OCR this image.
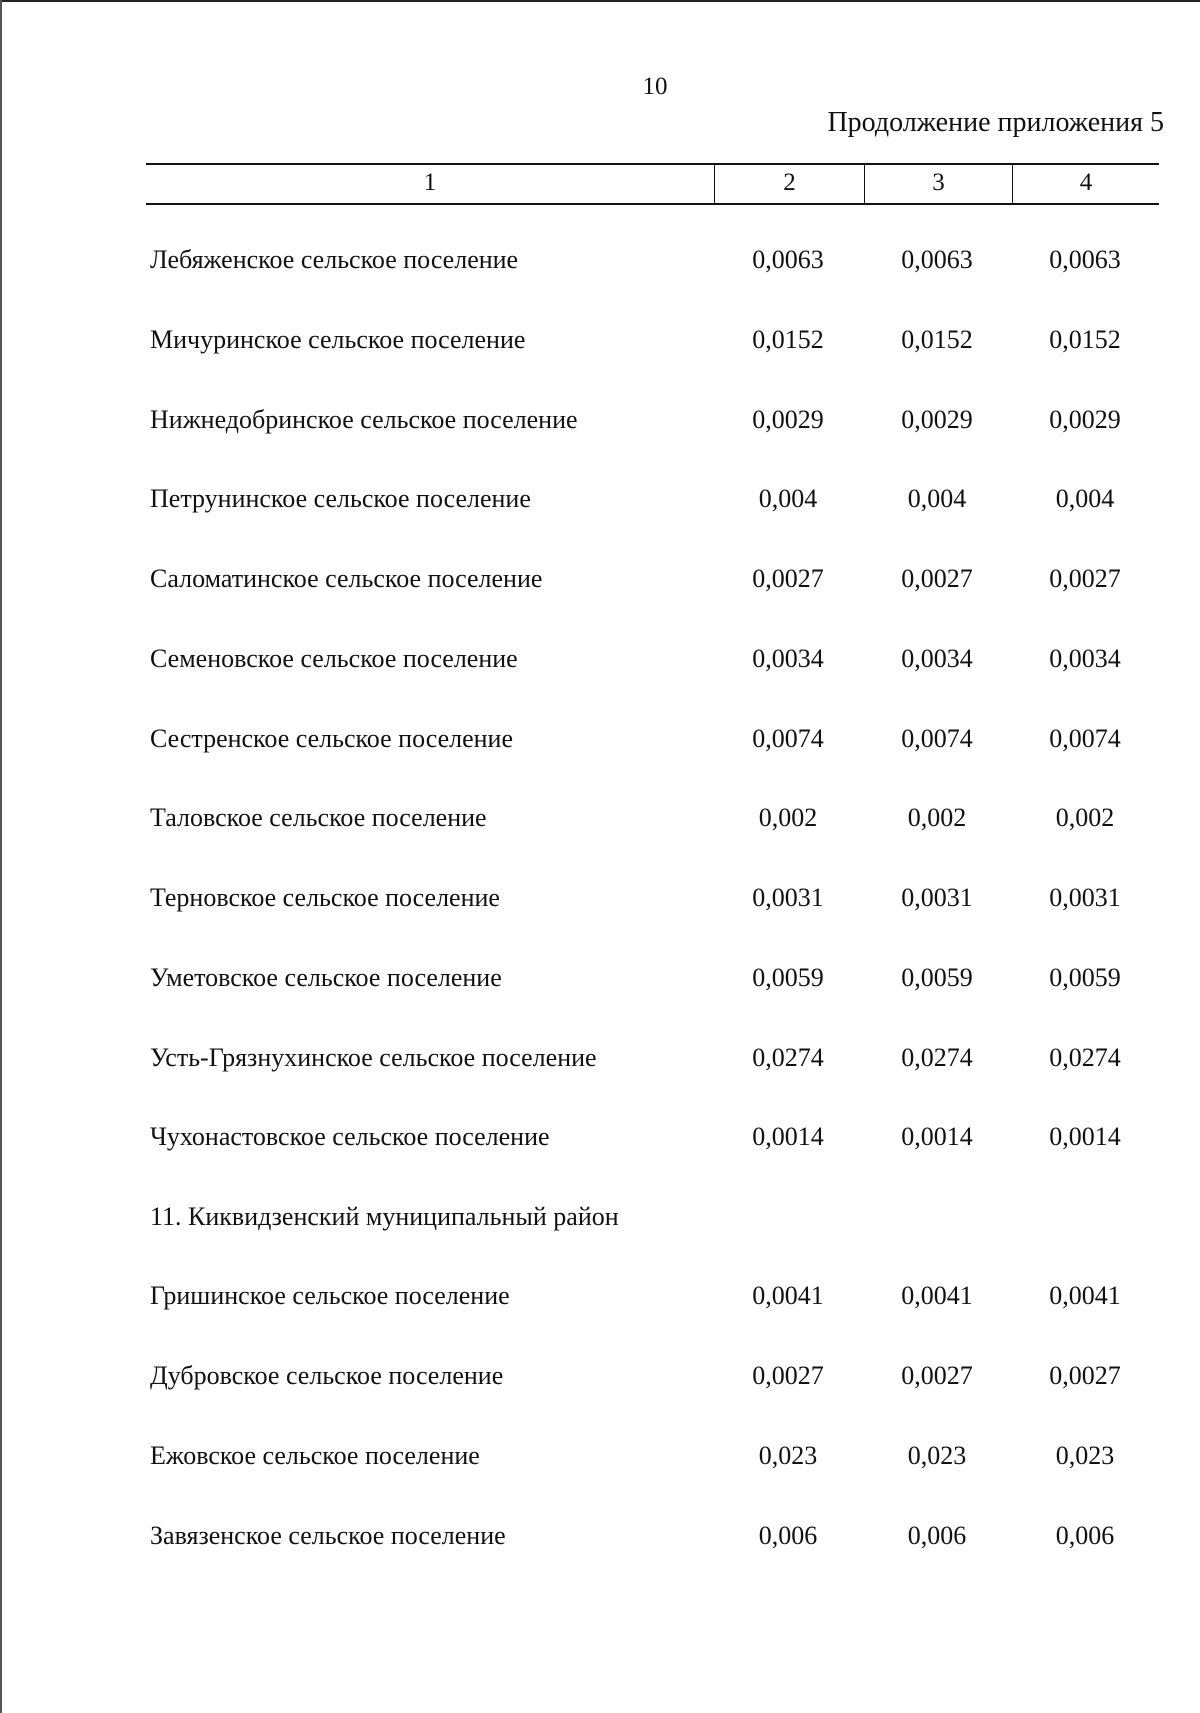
10
Продолжение приложения 5
1	2	3	4
Лебяженское сельское поселение	0,0063	0,0063	0,0063
Мичуринское сельское поселение	0,0152	0,0152	0,0152
Нижнедобринское сельское поселение	0,0029	0,0029	0,0029
Петрунинское сельское поселение	0,004	0,004	0,004
Саломатинское сельское поселение	0,0027	0,0027	0,0027
Семеновское сельское поселение	0,0034	0,0034	0,0034
Сестренское сельское поселение	0,0074	0,0074	0,0074
Таловское сельское поселение	0,002	0,002	0,002
Терновское сельское поселение	0,0031	0,0031	0,0031
Уметовское сельское поселение	0,0059	0,0059	0,0059
Усть-Грязнухинское сельское поселение	0,0274	0,0274	0,0274
Чухонастовское сельское поселение	0,0014	0,0014	0,0014
11. Киквидзенский муниципальный район
Гришинское сельское поселение	0,0041	0,0041	0,0041
Дубровское сельское поселение	0,0027	0,0027	0,0027
Ежовское сельское поселение	0,023	0,023	0,023
Завязенское сельское поселение	0,006	0,006	0,006
